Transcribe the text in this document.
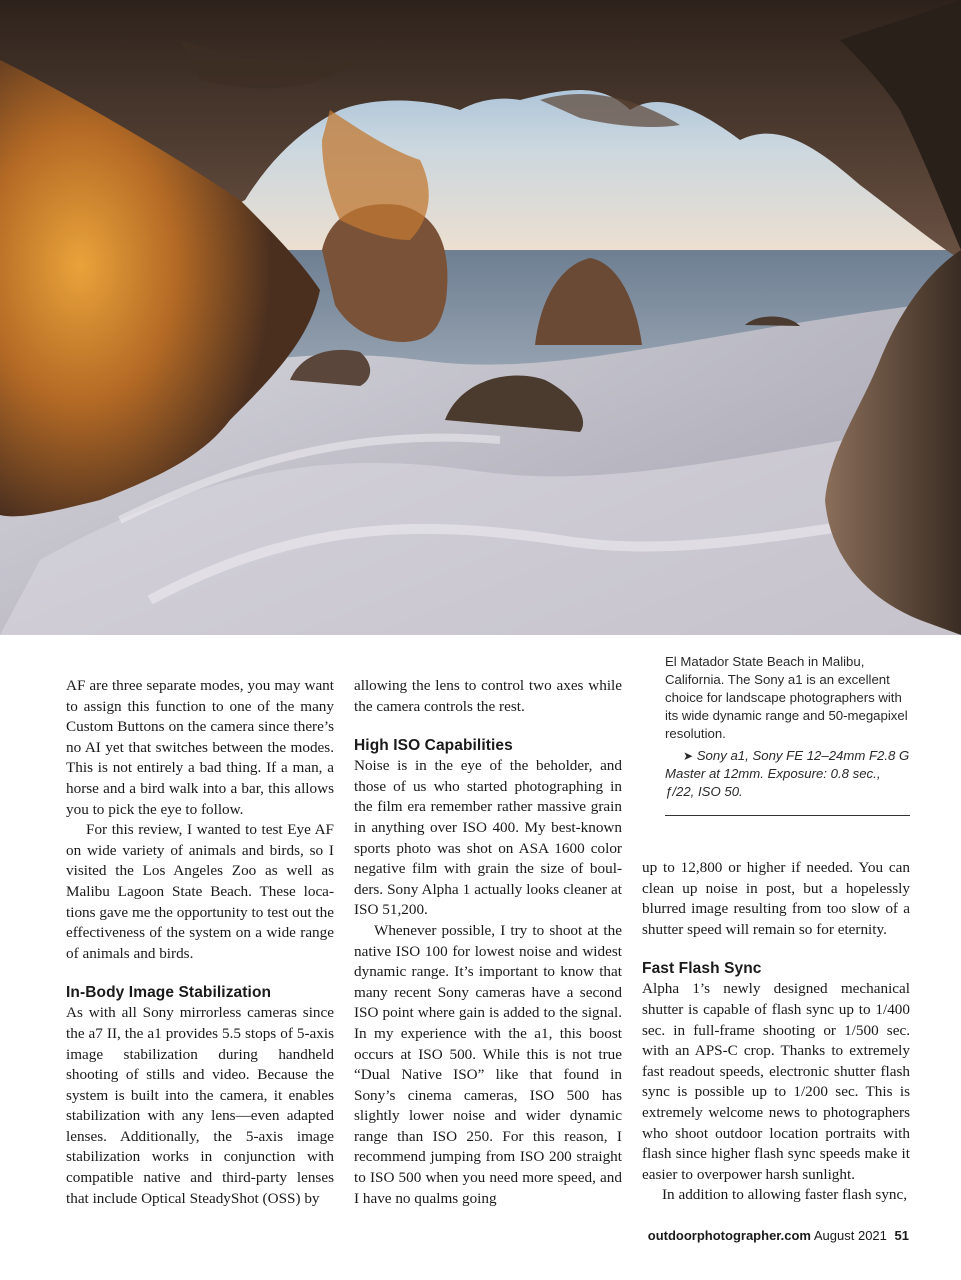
AF are three separate modes, you may want to assign this function to one of the many Custom Buttons on the camera since there’s no AI yet that switches between the modes. This is not entirely a bad thing. If a man, a horse and a bird walk into a bar, this allows you to pick the eye to follow.

For this review, I wanted to test Eye AF on wide variety of animals and birds, so I visited the Los Angeles Zoo as well as Malibu Lagoon State Beach. These locations gave me the opportunity to test out the effectiveness of the system on a wide range of animals and birds.

In-Body Image Stabilization

As with all Sony mirrorless cameras since the a7 II, the a1 provides 5.5 stops of 5-axis image stabilization during handheld shooting of stills and video. Because the system is built into the camera, it enables stabilization with any lens—even adapted lenses. Additionally, the 5-axis image stabilization works in conjunction with compatible native and third-party lenses that include Optical SteadyShot (OSS) by

allowing the lens to control two axes while the camera controls the rest.

High ISO Capabilities

Noise is in the eye of the beholder, and those of us who started photographing in the film era remember rather massive grain in anything over ISO 400. My best-known sports photo was shot on ASA 1600 color negative film with grain the size of boulders. Sony Alpha 1 actually looks cleaner at ISO 51,200.

Whenever possible, I try to shoot at the native ISO 100 for lowest noise and widest dynamic range. It’s important to know that many recent Sony cameras have a second ISO point where gain is added to the signal. In my experience with the a1, this boost occurs at ISO 500. While this is not true “Dual Native ISO” like that found in Sony’s cinema cameras, ISO 500 has slightly lower noise and wider dynamic range than ISO 250. For this reason, I recommend jumping from ISO 200 straight to ISO 500 when you need more speed, and I have no qualms going

El Matador State Beach in Malibu, California. The Sony a1 is an excellent choice for landscape photographers with its wide dynamic range and 50-megapixel resolution.

➤ Sony a1, Sony FE 12–24mm F2.8 G Master at 12mm. Exposure: 0.8 sec., ƒ/22, ISO 50.

up to 12,800 or higher if needed. You can clean up noise in post, but a hopelessly blurred image resulting from too slow of a shutter speed will remain so for eternity.

Fast Flash Sync

Alpha 1’s newly designed mechanical shutter is capable of flash sync up to 1/400 sec. in full-frame shooting or 1/500 sec. with an APS-C crop. Thanks to extremely fast readout speeds, electronic shutter flash sync is possible up to 1/200 sec. This is extremely welcome news to photographers who shoot outdoor location portraits with flash since higher flash sync speeds make it easier to overpower harsh sunlight.

In addition to allowing faster flash sync,

outdoorphotographer.com August 2021 51
